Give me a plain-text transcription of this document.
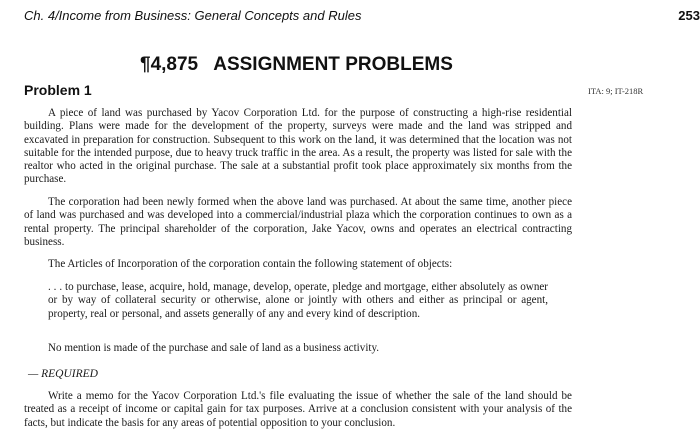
Ch. 4/Income from Business: General Concepts and Rules	253
¶4,875   ASSIGNMENT PROBLEMS
Problem 1	ITA: 9; IT-218R

A piece of land was purchased by Yacov Corporation Ltd. for the purpose of constructing a high-rise residential building. Plans were made for the development of the property, surveys were made and the land was stripped and excavated in preparation for construction. Subsequent to this work on the land, it was determined that the location was not suitable for the intended purpose, due to heavy truck traffic in the area. As a result, the property was listed for sale with the realtor who acted in the original purchase. The sale at a substantial profit took place approximately six months from the purchase.

The corporation had been newly formed when the above land was purchased. At about the same time, another piece of land was purchased and was developed into a commercial/industrial plaza which the corporation continues to own as a rental property. The principal shareholder of the corporation, Jake Yacov, owns and operates an electrical contracting business.

The Articles of Incorporation of the corporation contain the following statement of objects:

. . . to purchase, lease, acquire, hold, manage, develop, operate, pledge and mortgage, either absolutely as owner or by way of collateral security or otherwise, alone or jointly with others and either as principal or agent, property, real or personal, and assets generally of any and every kind of description.

No mention is made of the purchase and sale of land as a business activity.

— REQUIRED

Write a memo for the Yacov Corporation Ltd.'s file evaluating the issue of whether the sale of the land should be treated as a receipt of income or capital gain for tax purposes. Arrive at a conclusion consistent with your analysis of the facts, but indicate the basis for any areas of potential opposition to your conclusion.
